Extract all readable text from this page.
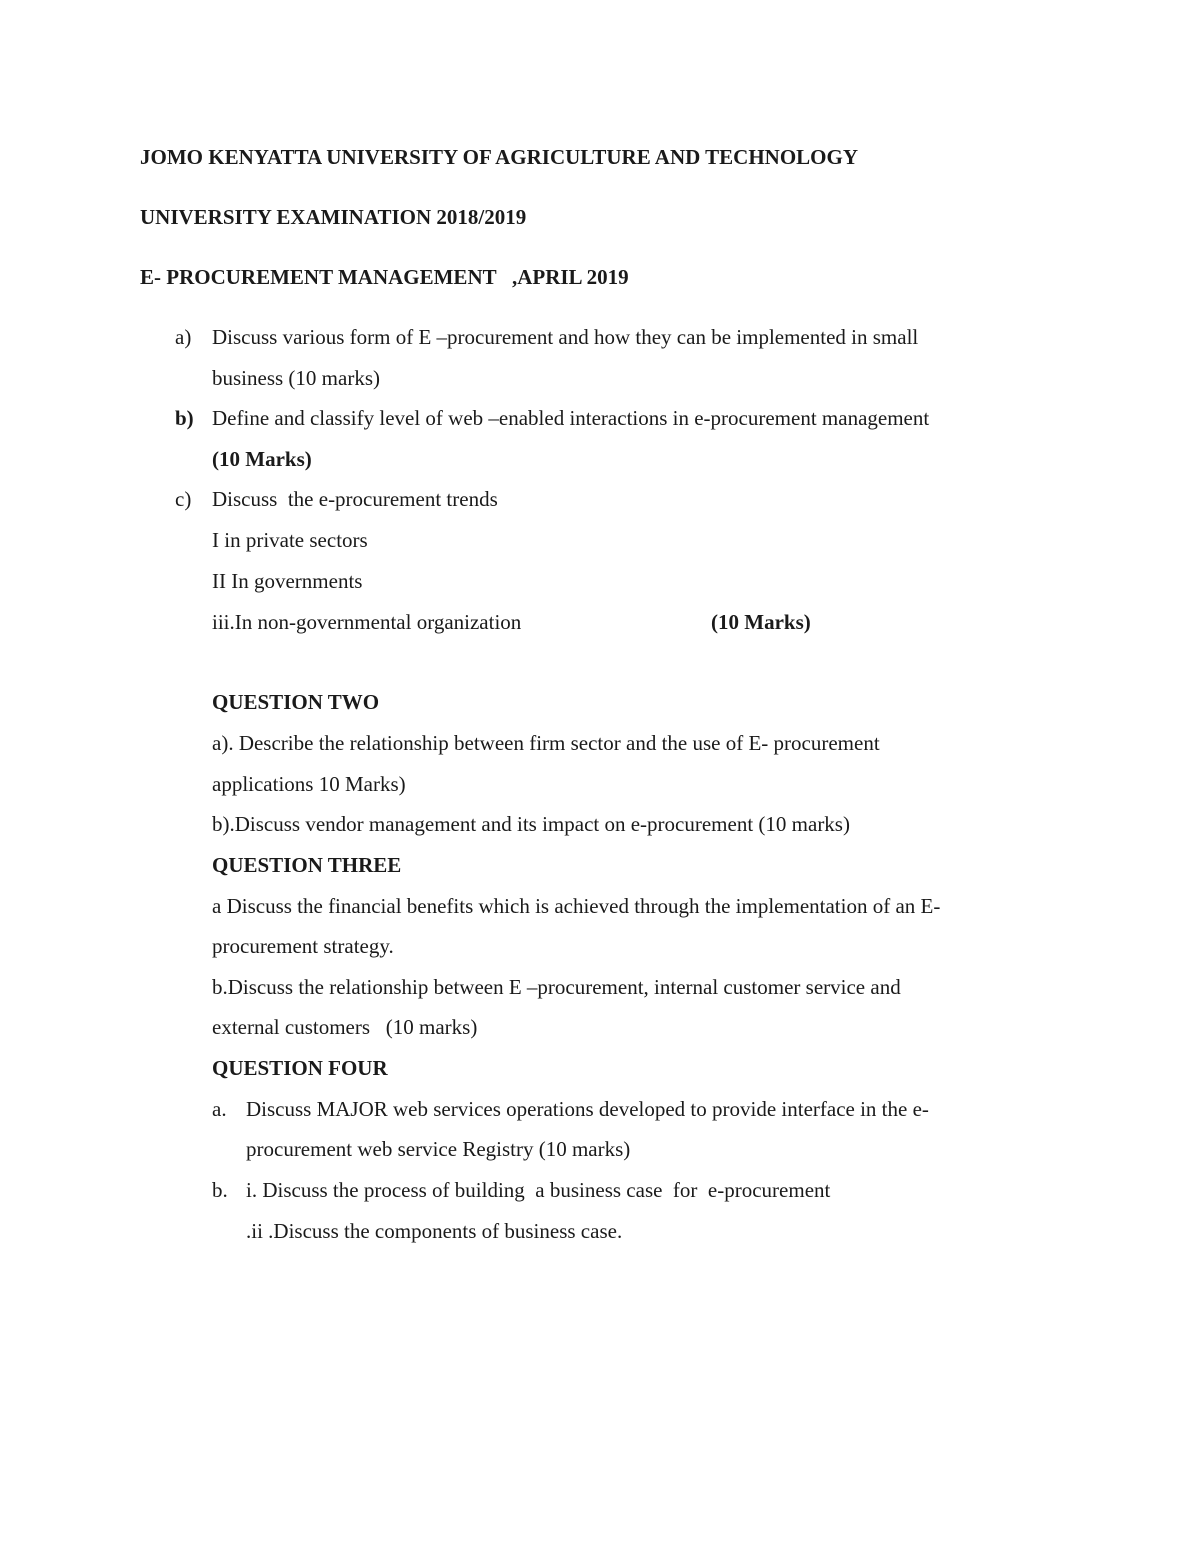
JOMO KENYATTA UNIVERSITY OF AGRICULTURE AND TECHNOLOGY
UNIVERSITY EXAMINATION 2018/2019
E- PROCUREMENT MANAGEMENT   ,APRIL 2019
a) Discuss various form of E –procurement and how they can be implemented in small
business (10 marks)
b) Define and classify level of web –enabled interactions in e-procurement management
(10 Marks)
c) Discuss  the e-procurement trends
I in private sectors
II In governments
iii.In non-governmental organization	(10 Marks)
QUESTION TWO
a). Describe the relationship between firm sector and the use of E- procurement
applications 10 Marks)
b).Discuss vendor management and its impact on e-procurement (10 marks)
QUESTION THREE
a Discuss the financial benefits which is achieved through the implementation of an E-
procurement strategy.
b.Discuss the relationship between E –procurement, internal customer service and
external customers   (10 marks)
QUESTION FOUR
a. Discuss MAJOR web services operations developed to provide interface in the e-
procurement web service Registry (10 marks)
b. i. Discuss the process of building  a business case  for  e-procurement
.ii .Discuss the components of business case.
